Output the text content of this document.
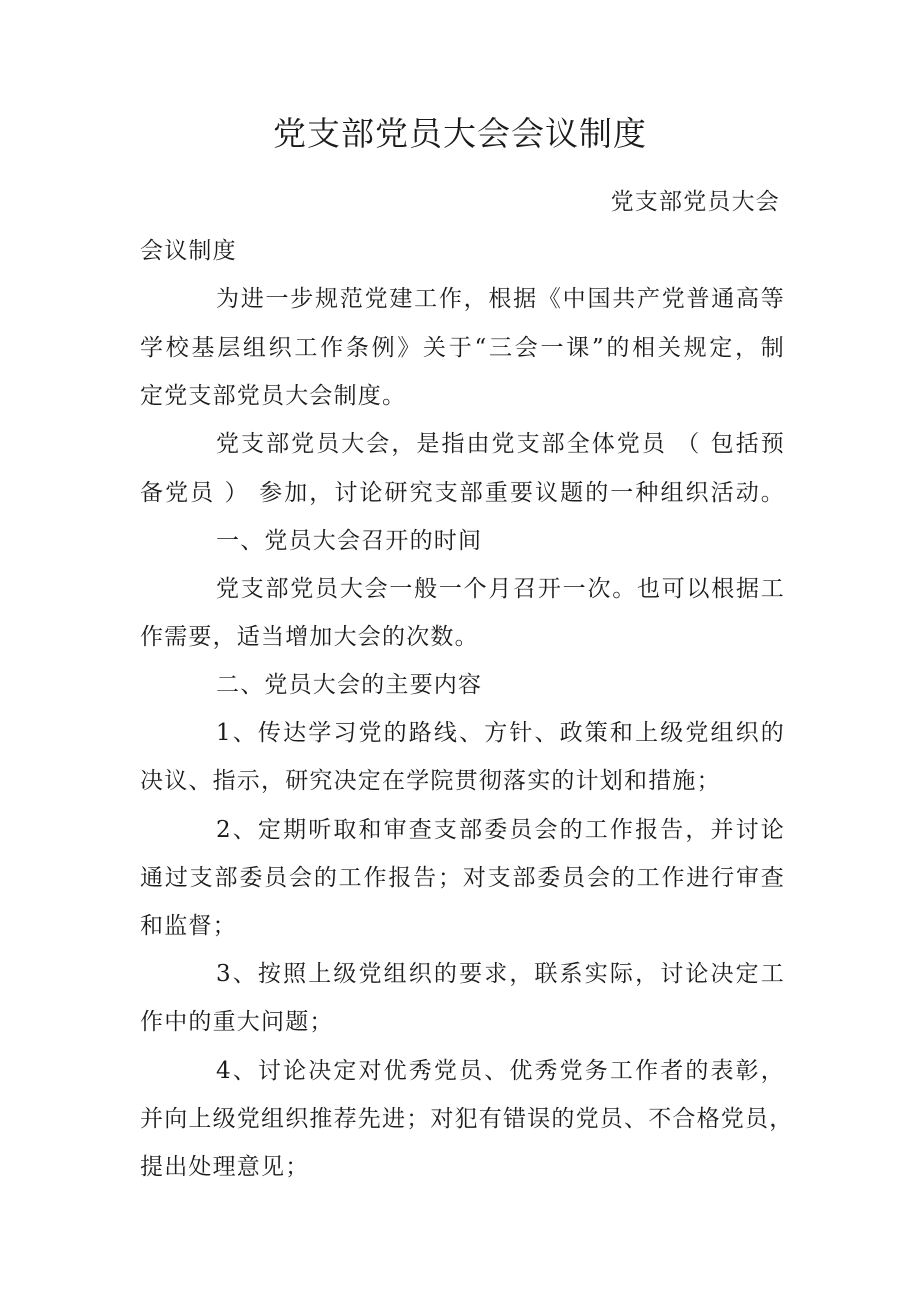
党支部党员大会会议制度
党支部党员大会
会议制度
为进一步规范党建工作，根据《中国共产党普通高等
学校基层组织工作条例》关于“三会一课”的相关规定，制
定党支部党员大会制度。
党支部党员大会，是指由党支部全体党员 （ 包括预
备党员 ） 参加，讨论研究支部重要议题的一种组织活动。
一、党员大会召开的时间
党支部党员大会一般一个月召开一次。也可以根据工
作需要，适当增加大会的次数。
二、党员大会的主要内容
1、传达学习党的路线、方针、政策和上级党组织的
决议、指示，研究决定在学院贯彻落实的计划和措施；
2、定期听取和审查支部委员会的工作报告，并讨论
通过支部委员会的工作报告；对支部委员会的工作进行审查
和监督；
3、按照上级党组织的要求，联系实际，讨论决定工
作中的重大问题；
4、讨论决定对优秀党员、优秀党务工作者的表彰，
并向上级党组织推荐先进；对犯有错误的党员、不合格党员，
提出处理意见；
